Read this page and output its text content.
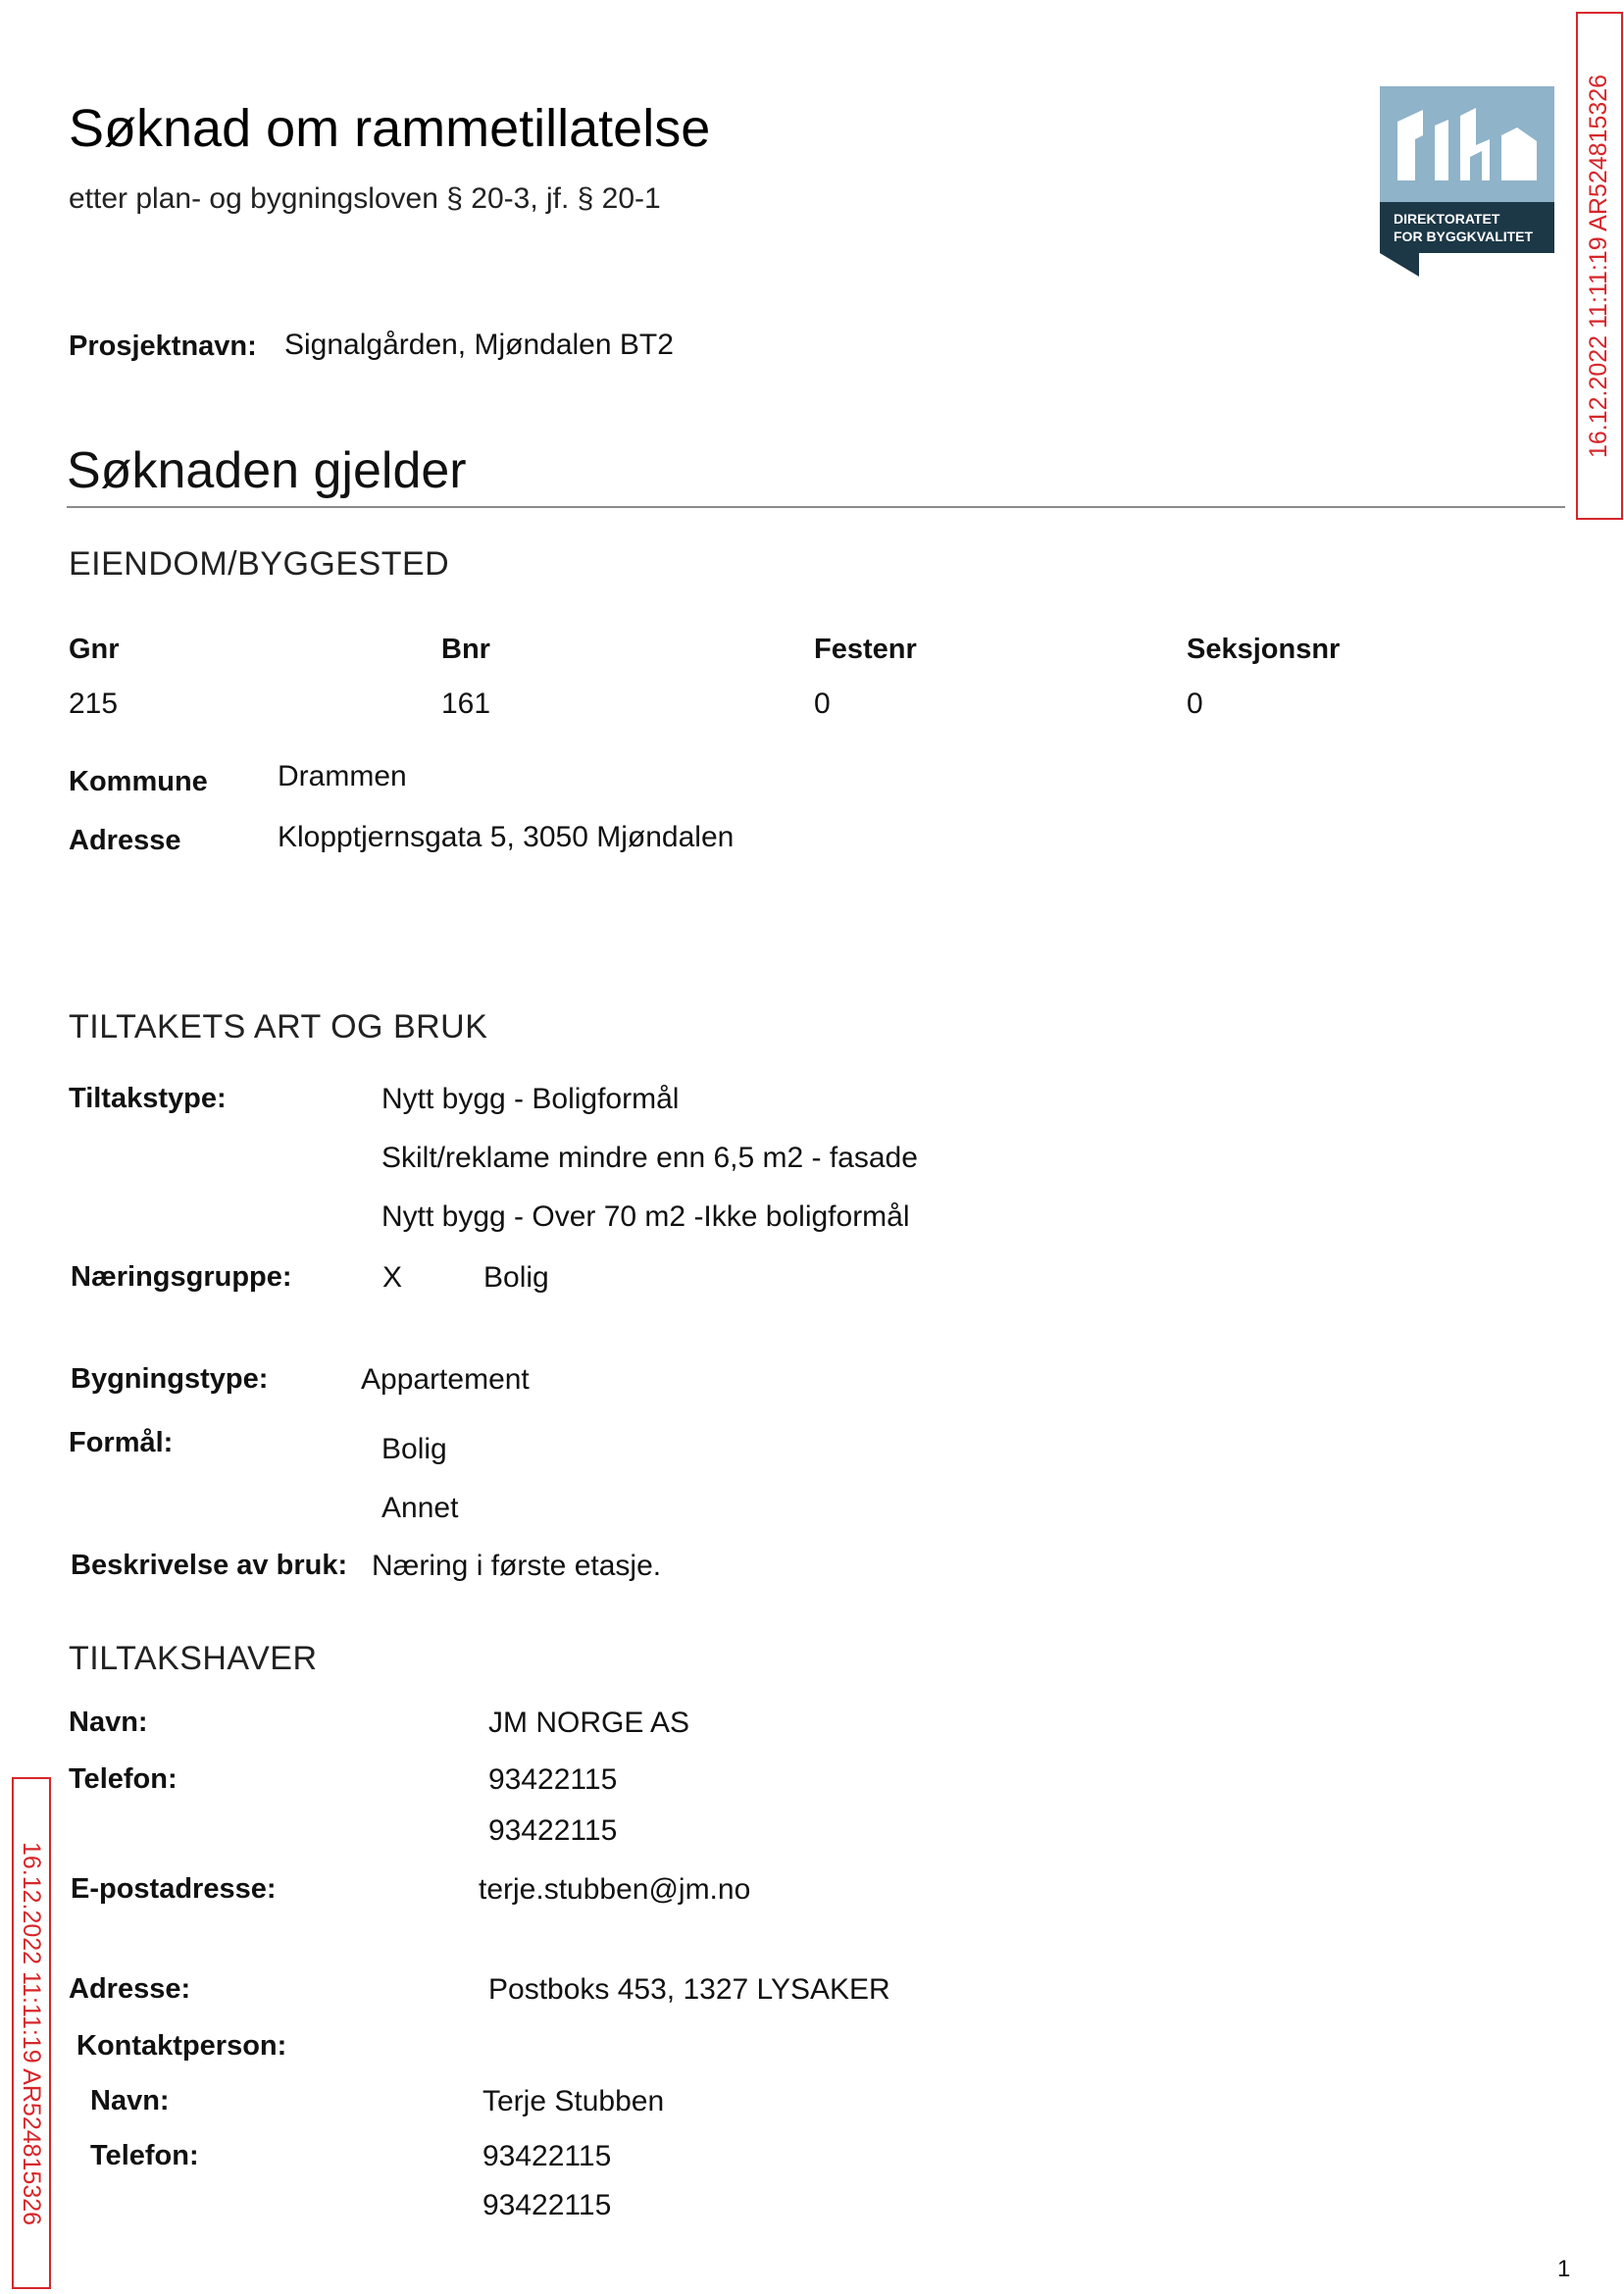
Søknad om rammetillatelse
etter plan- og bygningsloven § 20-3, jf. § 20-1
DIREKTORATET
FOR BYGGKVALITET 16.12.2022 11:11:19 AR524815326
16.12.2022 11:11:19 AR524815326
Prosjektnavn: Signalgården, Mjøndalen BT2
Søknaden gjelder
EIENDOM/BYGGESTED
Gnr	Bnr	Festenr	Seksjonsnr
215	161	0	0
Kommune Drammen
Adresse	Klopptjernsgata 5, 3050 Mjøndalen
TILTAKETS ART OG BRUK
Tiltakstype:	Nytt bygg - Boligformål
Skilt/reklame mindre enn 6,5 m2 - fasade
Nytt bygg - Over 70 m2 -Ikke boligformål
Næringsgruppe:	X	Bolig
Bygningstype:	Appartement
Formål:	Bolig
Annet
Beskrivelse av bruk: Næring i første etasje.
TILTAKSHAVER
Navn:	JM NORGE AS
Telefon:	93422115
93422115
E-postadresse:	terje.stubben@jm.no
Adresse:	Postboks 453, 1327 LYSAKER
Kontaktperson:
Navn:	Terje Stubben
Telefon:	93422115
93422115
1
